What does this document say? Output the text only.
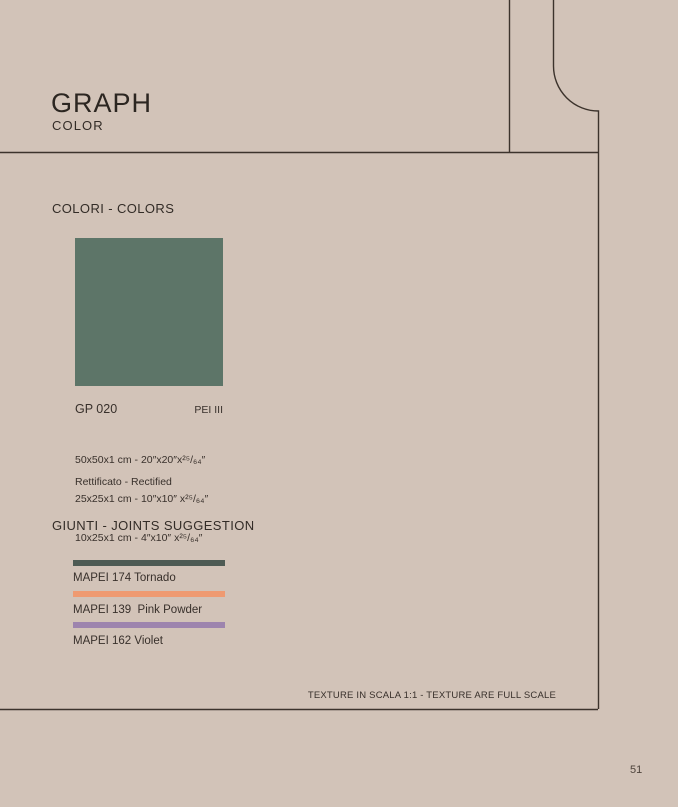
GRAPH
COLOR
COLORI - COLORS
GP 020	PEI III

50x50x1 cm - 20″x20″x²⁵/₆₄″

25x25x1 cm - 10″x10″ x²⁵/₆₄″

10x25x1 cm - 4″x10″ x²⁵/₆₄″

Rettificato - Rectified
GIUNTI - JOINTS SUGGESTION
MAPEI 174 Tornado
MAPEI 139  Pink Powder
MAPEI 162 Violet
TEXTURE IN SCALA 1:1 - TEXTURE ARE FULL SCALE
51
